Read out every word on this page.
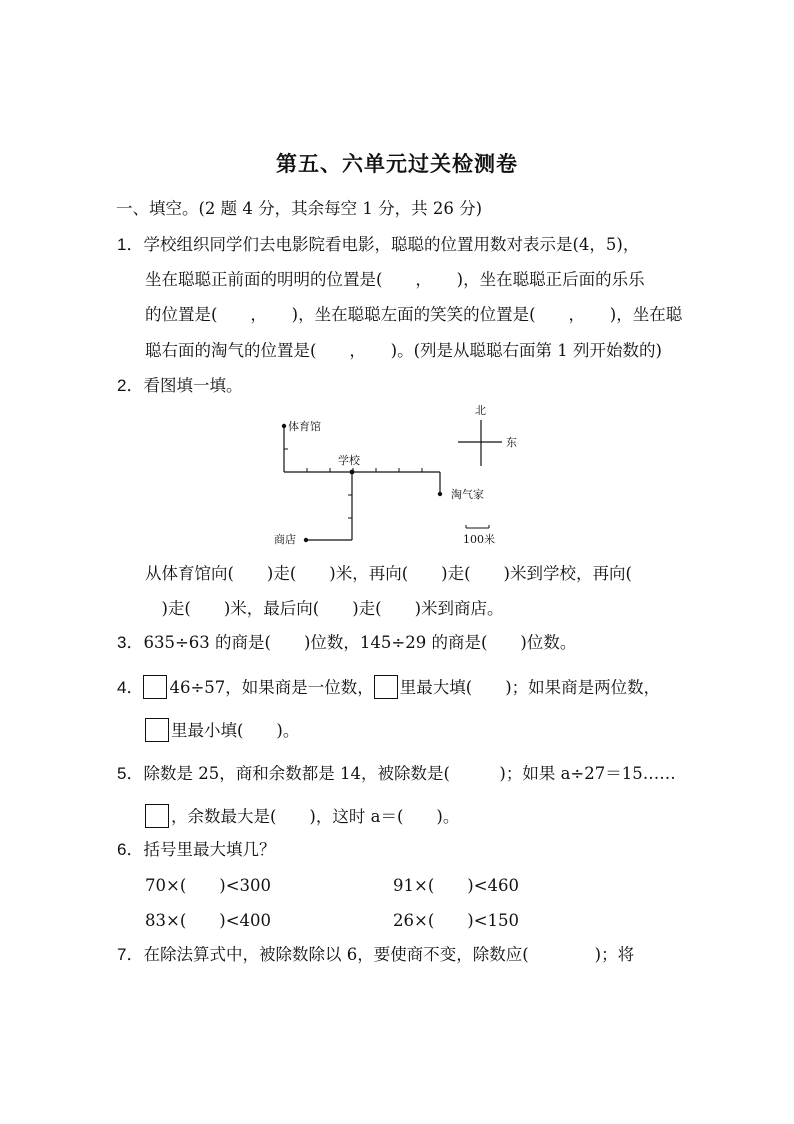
第五、六单元过关检测卷
一、填空。(2 题 4 分，其余每空 1 分，共 26 分)
1．学校组织同学们去电影院看电影，聪聪的位置用数对表示是(4，5)，
坐在聪聪正前面的明明的位置是(　　，　　)，坐在聪聪正后面的乐乐
的位置是(　　，　　)，坐在聪聪左面的笑笑的位置是(　　，　　)，坐在聪
聪右面的淘气的位置是(　　，　　)。(列是从聪聪右面第 1 列开始数的)
2．看图填一填。
体育馆
学校
淘气家
商店
北
东
100米
从体育馆向(　　)走(　　)米，再向(　　)走(　　)米到学校，再向(
　)走(　　)米，最后向(　　)走(　　)米到商店。
3．635÷63 的商是(　　)位数，145÷29 的商是(　　)位数。
4． 46÷57，如果商是一位数， 里最大填(　　)；如果商是两位数，
里最小填(　　)。
5．除数是 25，商和余数都是 14，被除数是(　　　)；如果 a÷27＝15……
，余数最大是(　　)，这时 a＝(　　)。
6．括号里最大填几？
70×(　　)<300	91×(　　)<460
83×(　　)<400	26×(　　)<150
7．在除法算式中，被除数除以 6，要使商不变，除数应(　　　　)；将
